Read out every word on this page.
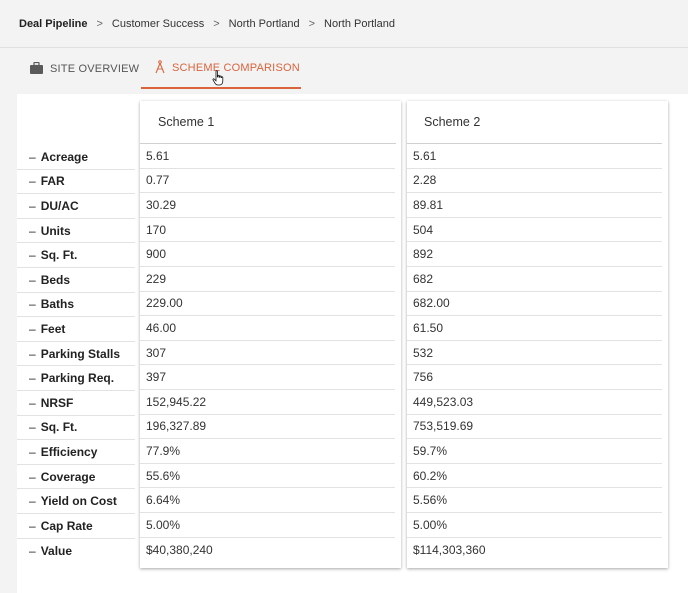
Deal Pipeline > Customer Success > North Portland > North Portland
SITE OVERVIEW	SCHEME COMPARISON
– Acreage
– FAR
– DU/AC
– Units
– Sq. Ft.
– Beds
– Baths
– Feet
– Parking Stalls
– Parking Req.
– NRSF
– Sq. Ft.
– Efficiency
– Coverage
– Yield on Cost
– Cap Rate
– Value
Scheme 1
5.61
0.77
30.29
170
900
229
229.00
46.00
307
397
152,945.22
196,327.89
77.9%
55.6%
6.64%
5.00%
$40,380,240
Scheme 2
5.61
2.28
89.81
504
892
682
682.00
61.50
532
756
449,523.03
753,519.69
59.7%
60.2%
5.56%
5.00%
$114,303,360
